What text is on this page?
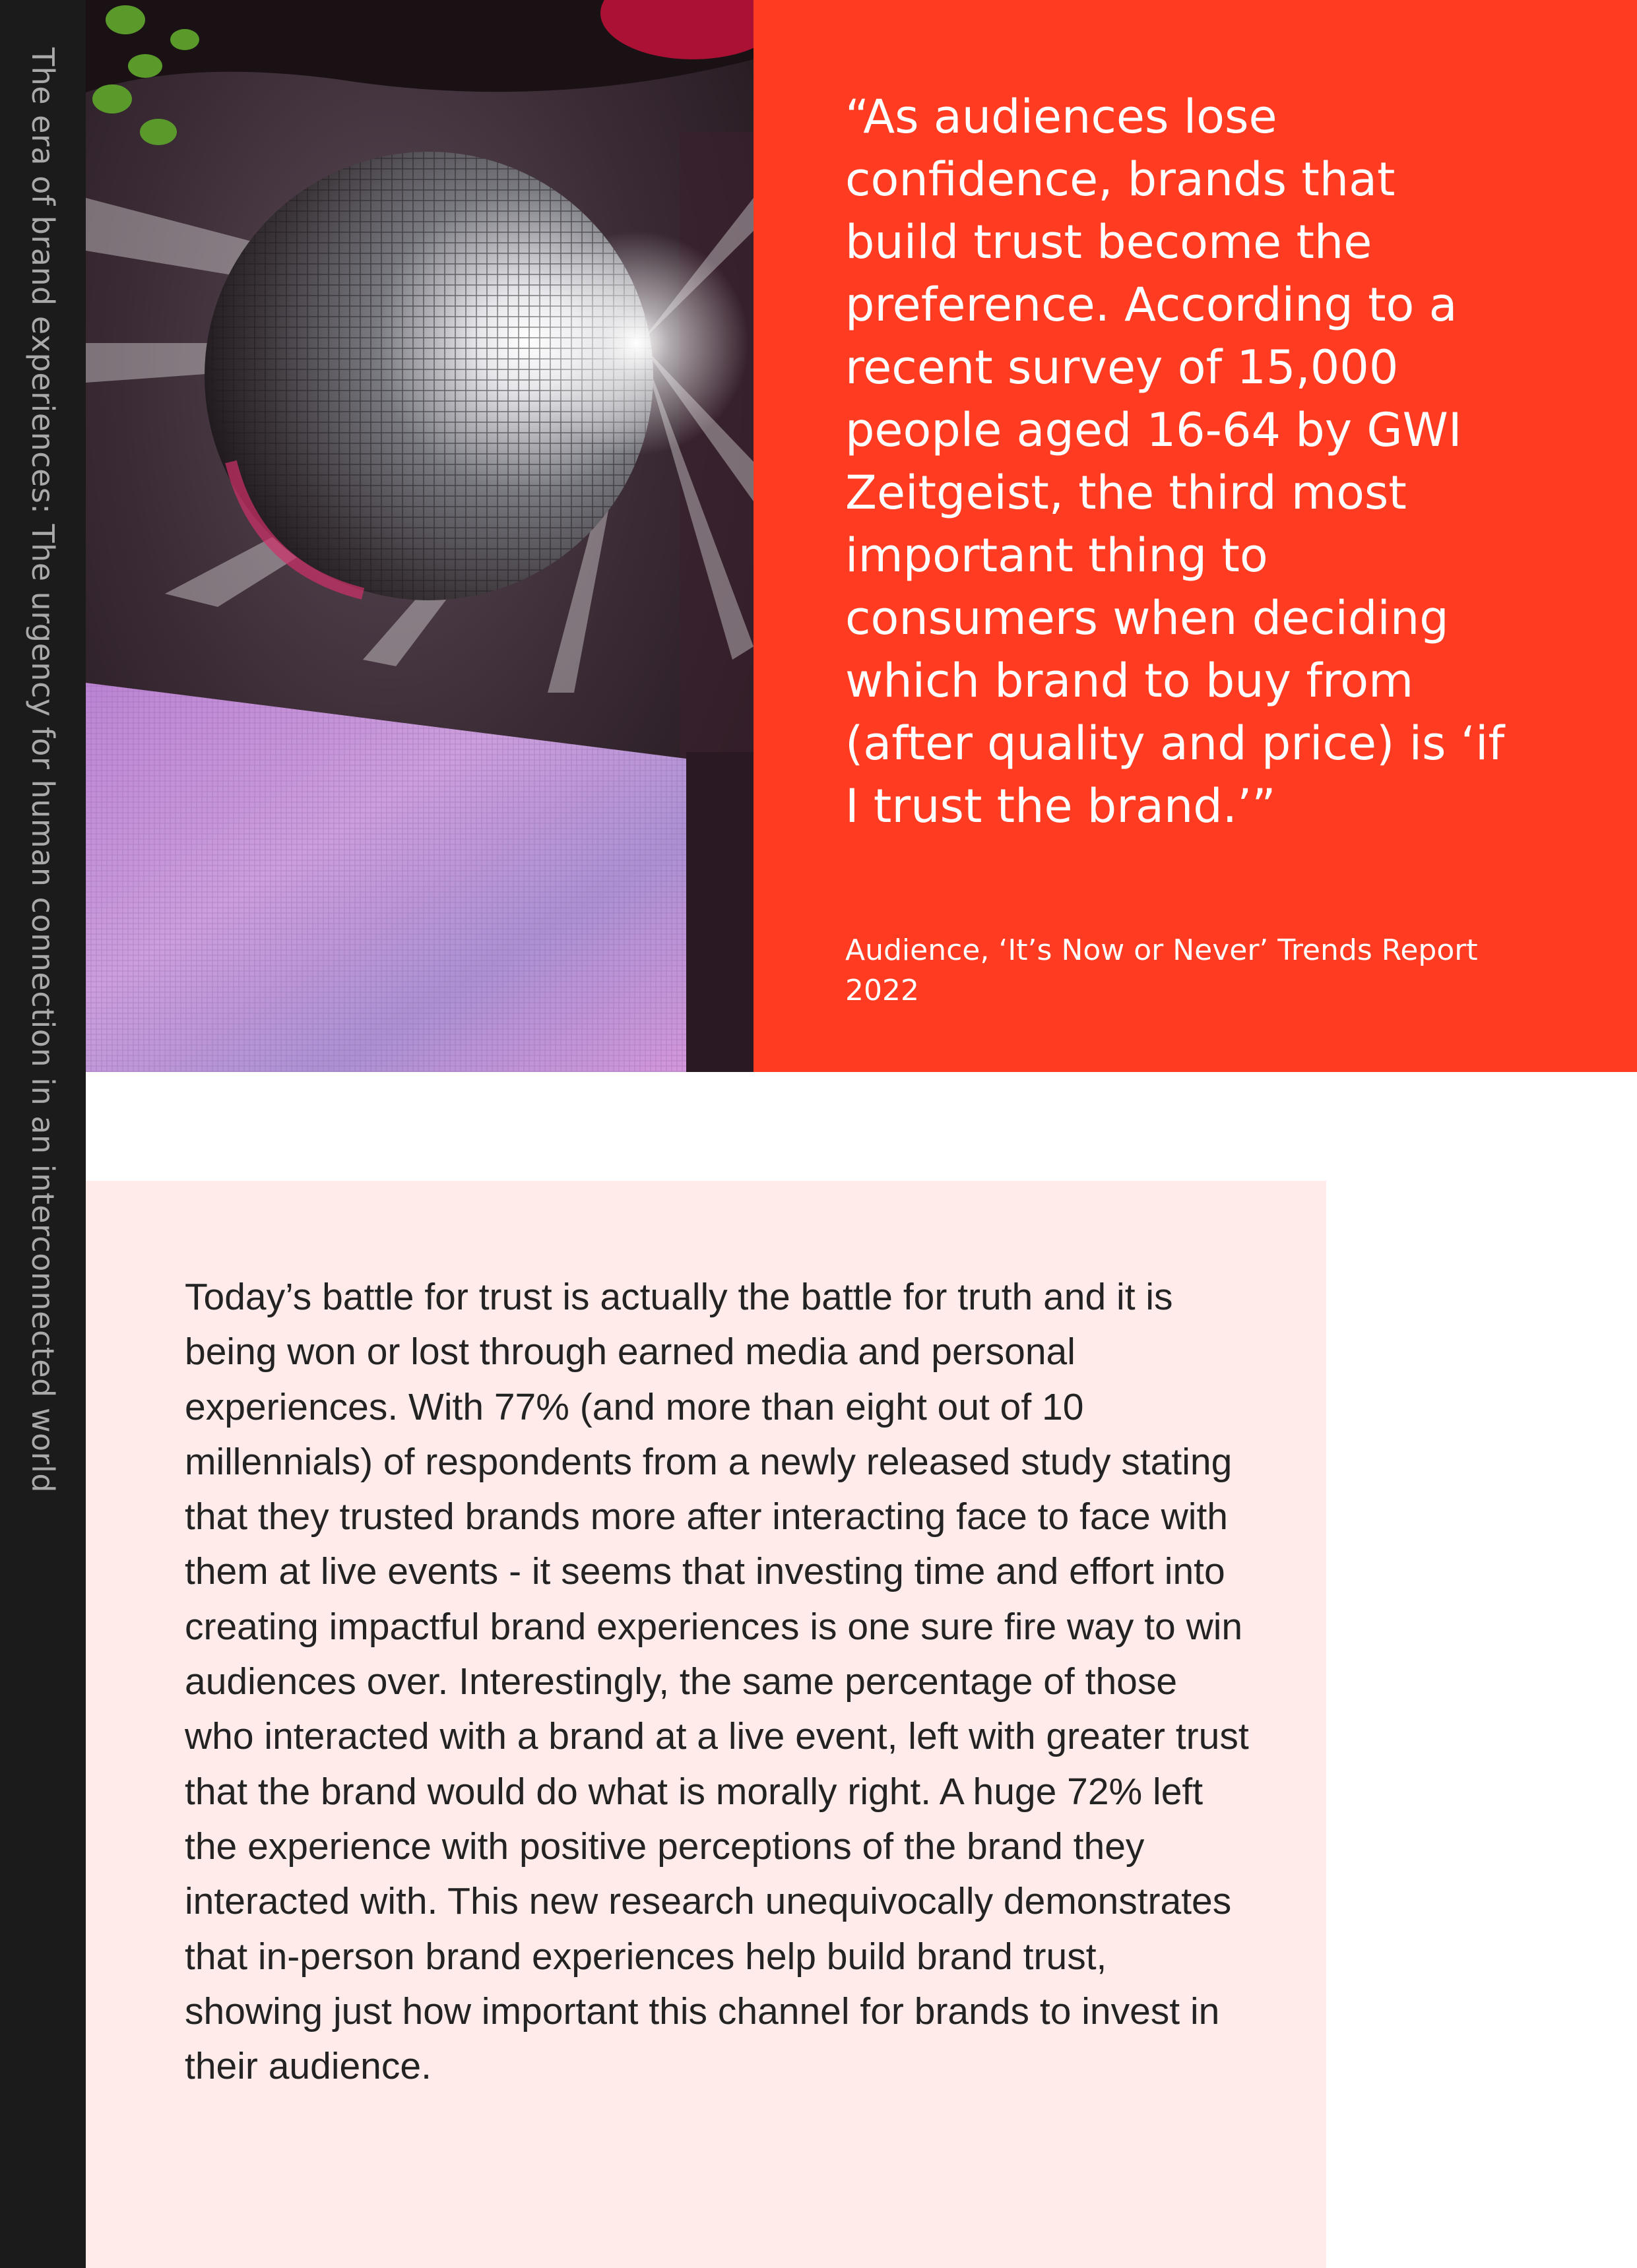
The era of brand experiences: The urgency for human connection in an interconnected world	“As audiences lose confidence, brands that build trust become the preference. According to a recent survey of 15,000 people aged 16-64 by GWI Zeitgeist, the third most important thing to consumers when deciding which brand to buy from (after quality and price) is ‘if I trust the brand.’”

Audience, ‘It’s Now or Never’ Trends Report 2022

Today’s battle for trust is actually the battle for truth and it is being won or lost through earned media and personal experiences. With 77% (and more than eight out of 10 millennials) of respondents from a newly released study stating that they trusted brands more after interacting face to face with them at live events - it seems that investing time and effort into creating impactful brand experiences is one sure fire way to win audiences over. Interestingly, the same percentage of those who interacted with a brand at a live event, left with greater trust that the brand would do what is morally right. A huge 72% left the experience with positive perceptions of the brand they interacted with. This new research unequivocally demonstrates that in-person brand experiences help build brand trust, showing just how important this channel for brands to invest in their audience.
